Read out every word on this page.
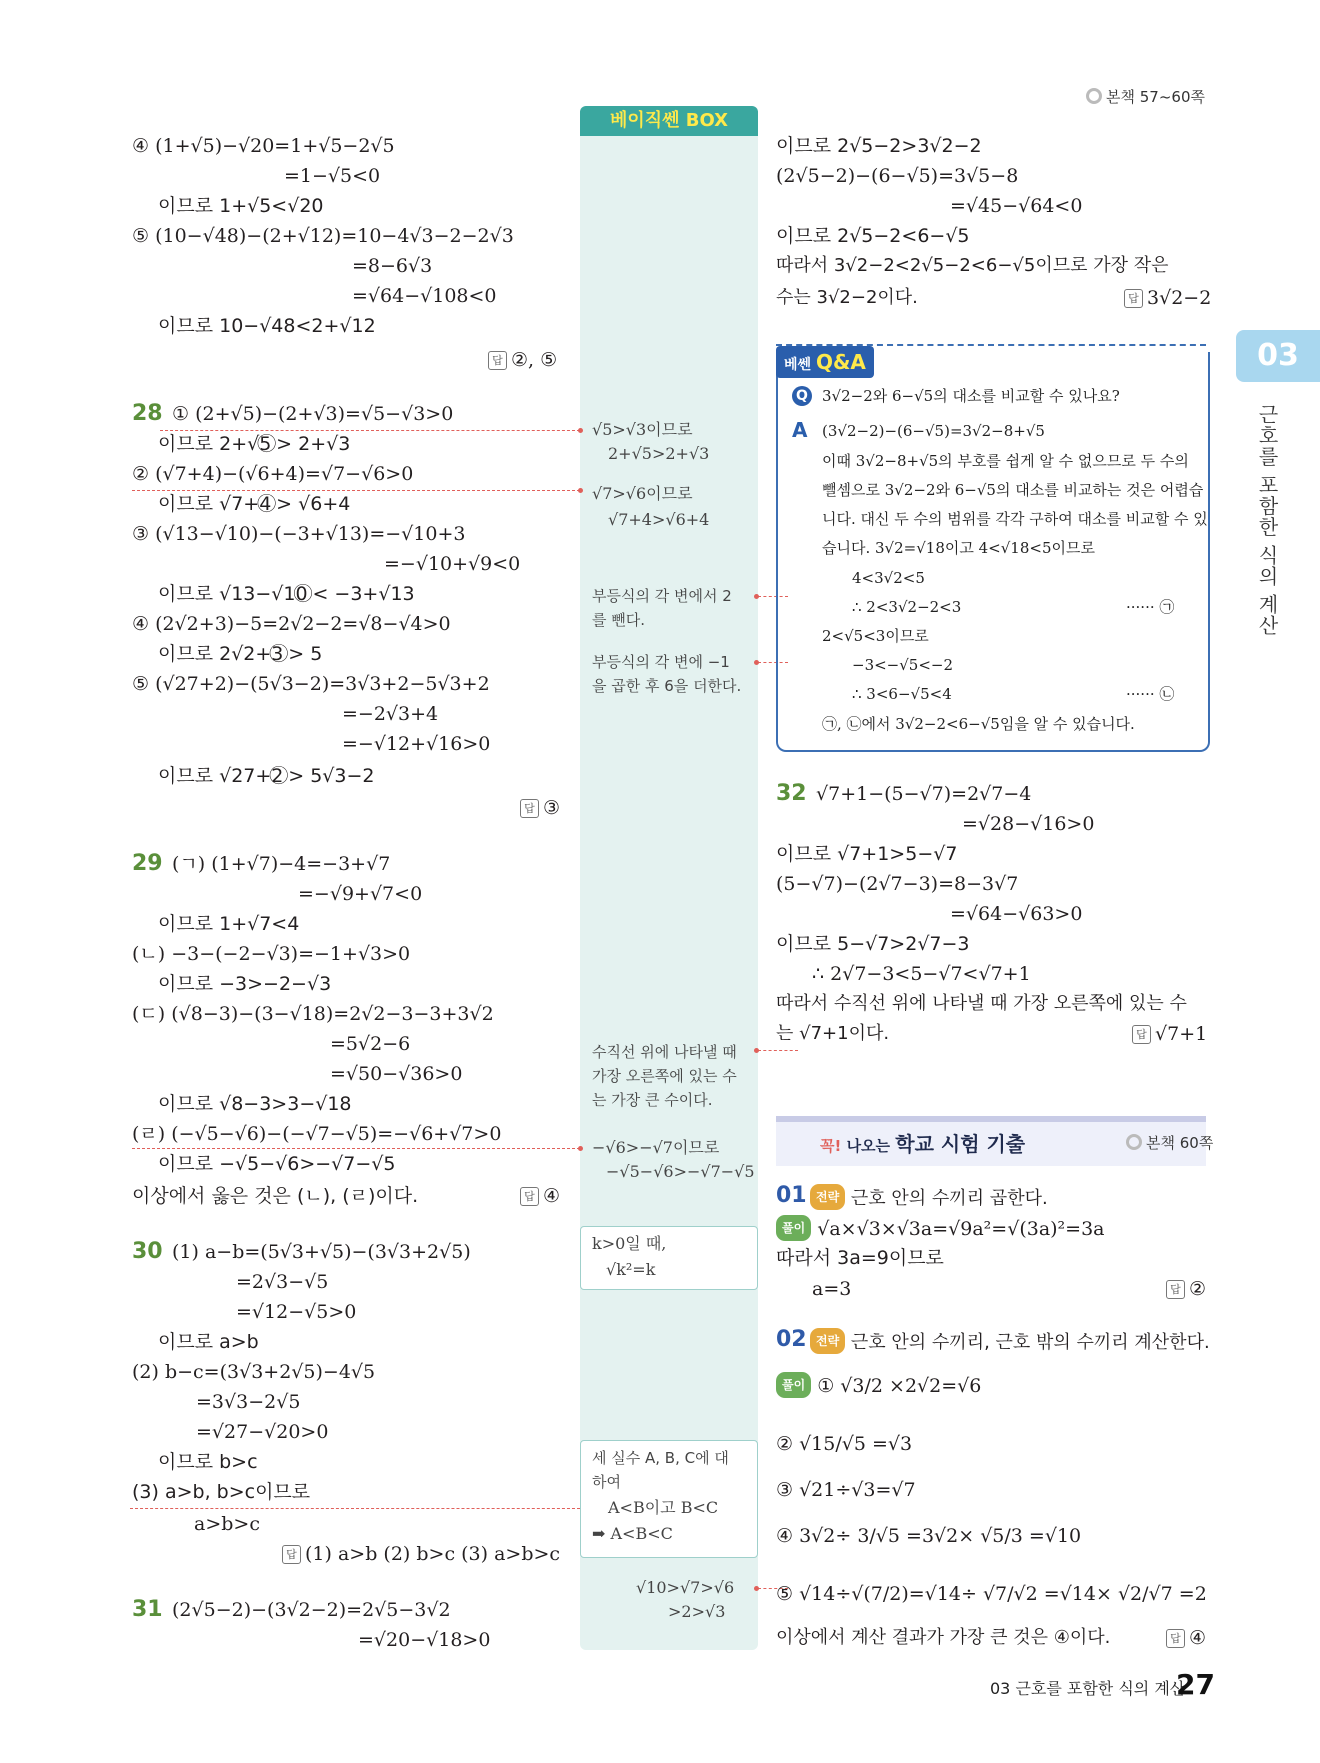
본책 57~60쪽
03
근호를 포함한 식의 계산
베이직쎈 BOX
④ (1+√5)−√20=1+√5−2√5
=1−√5<0
이므로 1+√5<√20
⑤ (10−√48)−(2+√12)=10−4√3−2−2√3
=8−6√3
=√64−√108<0
이므로 10−√48<2+√12
답 ②, ⑤
28 ① (2+√5)−(2+√3)=√5−√3>0
이므로 2+√5 ⃝> 2+√3
② (√7+4)−(√6+4)=√7−√6>0
이므로 √7+4 ⃝> √6+4
③ (√13−√10)−(−3+√13)=−√10+3
=−√10+√9<0
이므로 √13−√10 ⃝< −3+√13
④ (2√2+3)−5=2√2−2=√8−√4>0
이므로 2√2+3 ⃝> 5
⑤ (√27+2)−(5√3−2)=3√3+2−5√3+2
=−2√3+4
=−√12+√16>0
이므로 √27+2 ⃝> 5√3−2
답 ③
29 (ㄱ) (1+√7)−4=−3+√7
=−√9+√7<0
이므로 1+√7<4
(ㄴ) −3−(−2−√3)=−1+√3>0
이므로 −3>−2−√3
(ㄷ) (√8−3)−(3−√18)=2√2−3−3+3√2
=5√2−6
=√50−√36>0
이므로 √8−3>3−√18
(ㄹ) (−√5−√6)−(−√7−√5)=−√6+√7>0
이므로 −√5−√6>−√7−√5
이상에서 옳은 것은 (ㄴ), (ㄹ)이다.	답 ④
30 (1) a−b=(5√3+√5)−(3√3+2√5)
=2√3−√5
=√12−√5>0
이므로 a>b
(2) b−c=(3√3+2√5)−4√5
=3√3−2√5
=√27−√20>0
이므로 b>c
(3) a>b, b>c이므로
a>b>c
답 (1) a>b (2) b>c (3) a>b>c
31 (2√5−2)−(3√2−2)=2√5−3√2
=√20−√18>0
√5>√3이므로
2+√5>2+√3
√7>√6이므로
√7+4>√6+4
부등식의 각 변에서 2
를 뺀다.
부등식의 각 변에 −1
을 곱한 후 6을 더한다.
수직선 위에 나타낼 때
가장 오른쪽에 있는 수
는 가장 큰 수이다.
−√6>−√7이므로
−√5−√6>−√7−√5
k>0일 때,
√k²=k
세 실수 A, B, C에 대
하여
A<B이고 B<C
➡ A<B<C
√10>√7>√6
>2>√3
이므로 2√5−2>3√2−2
(2√5−2)−(6−√5)=3√5−8
=√45−√64<0
이므로 2√5−2<6−√5
따라서 3√2−2<2√5−2<6−√5이므로 가장 작은
수는 3√2−2이다.	답 3√2−2
베쎈 Q&A
Q 3√2−2와 6−√5의 대소를 비교할 수 있나요?
A (3√2−2)−(6−√5)=3√2−8+√5
이때 3√2−8+√5의 부호를 쉽게 알 수 없으므로 두 수의
뺄셈으로 3√2−2와 6−√5의 대소를 비교하는 것은 어렵습
니다. 대신 두 수의 범위를 각각 구하여 대소를 비교할 수 있
습니다. 3√2=√18이고 4<√18<5이므로
4<3√2<5
∴ 2<3√2−2<3	······ ㉠
2<√5<3이므로
−3<−√5<−2
∴ 3<6−√5<4	······ ㉡
㉠, ㉡에서 3√2−2<6−√5임을 알 수 있습니다.
32 √7+1−(5−√7)=2√7−4
=√28−√16>0
이므로 √7+1>5−√7
(5−√7)−(2√7−3)=8−3√7
=√64−√63>0
이므로 5−√7>2√7−3
∴ 2√7−3<5−√7<√7+1
따라서 수직선 위에 나타낼 때 가장 오른쪽에 있는 수
는 √7+1이다.	답 √7+1
꼭! 나오는 학교 시험 기출	본책 60쪽
01 전략 근호 안의 수끼리 곱한다.
풀이 √a×√3×√3a=√9a²=√(3a)²=3a
따라서 3a=9이므로
a=3	답 ②
02 전략 근호 안의 수끼리, 근호 밖의 수끼리 계산한다.
풀이 ① √3/2 ×2√2=√6
② √15/√5 =√3
③ √21÷√3=√7
④ 3√2÷ 3/√5 =3√2× √5/3 =√10
⑤ √14÷√(7/2)=√14÷ √7/√2 =√14× √2/√7 =2
이상에서 계산 결과가 가장 큰 것은 ④이다.	답 ④
03 근호를 포함한 식의 계산
27
